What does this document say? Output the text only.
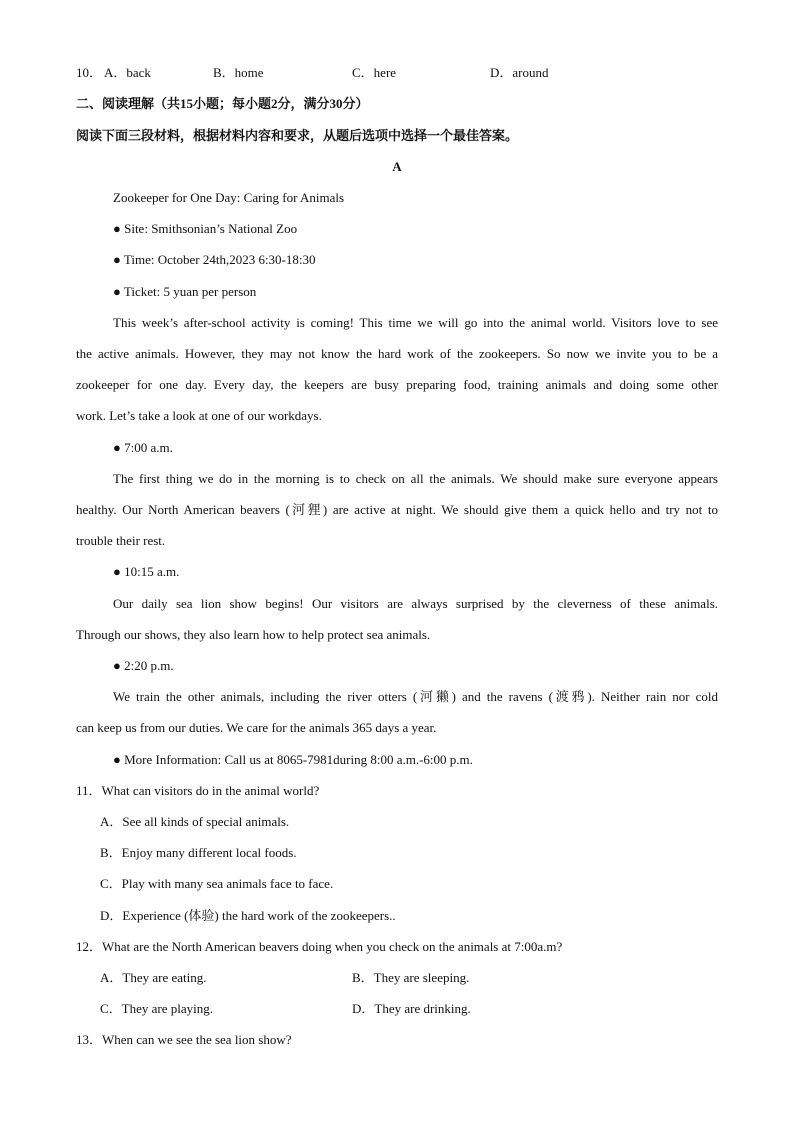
10． A．back	B．home	C．here	D．around
二、阅读理解（共15小题；每小题2分，满分30分）
阅读下面三段材料，根据材料内容和要求，从题后选项中选择一个最佳答案。
A
Zookeeper for One Day: Caring for Animals
● Site: Smithsonian’s National Zoo
● Time: October 24th,2023 6:30-18:30
● Ticket: 5 yuan per person
This week’s after-school activity is coming! This time we will go into the animal world. Visitors love to see
the active animals. However, they may not know the hard work of the zookeepers. So now we invite you to be a
zookeeper for one day. Every day, the keepers are busy preparing food, training animals and doing some other
work. Let’s take a look at one of our workdays.
● 7:00 a.m.
The first thing we do in the morning is to check on all the animals. We should make sure everyone appears
healthy. Our North American beavers (河狸) are active at night. We should give them a quick hello and try not to
trouble their rest.
● 10:15 a.m.
Our daily sea lion show begins! Our visitors are always surprised by the cleverness of these animals.
Through our shows, they also learn how to help protect sea animals.
● 2:20 p.m.
We train the other animals, including the river otters (河獭) and the ravens (渡鸦). Neither rain nor cold
can keep us from our duties. We care for the animals 365 days a year.
● More Information: Call us at 8065-7981during 8:00 a.m.-6:00 p.m.
11．What can visitors do in the animal world?
A．See all kinds of special animals.
B．Enjoy many different local foods.
C．Play with many sea animals face to face.
D．Experience (体验) the hard work of the zookeepers..
12．What are the North American beavers doing when you check on the animals at 7:00a.m?
A．They are eating.	B．They are sleeping.
C．They are playing.	D．They are drinking.
13．When can we see the sea lion show?
